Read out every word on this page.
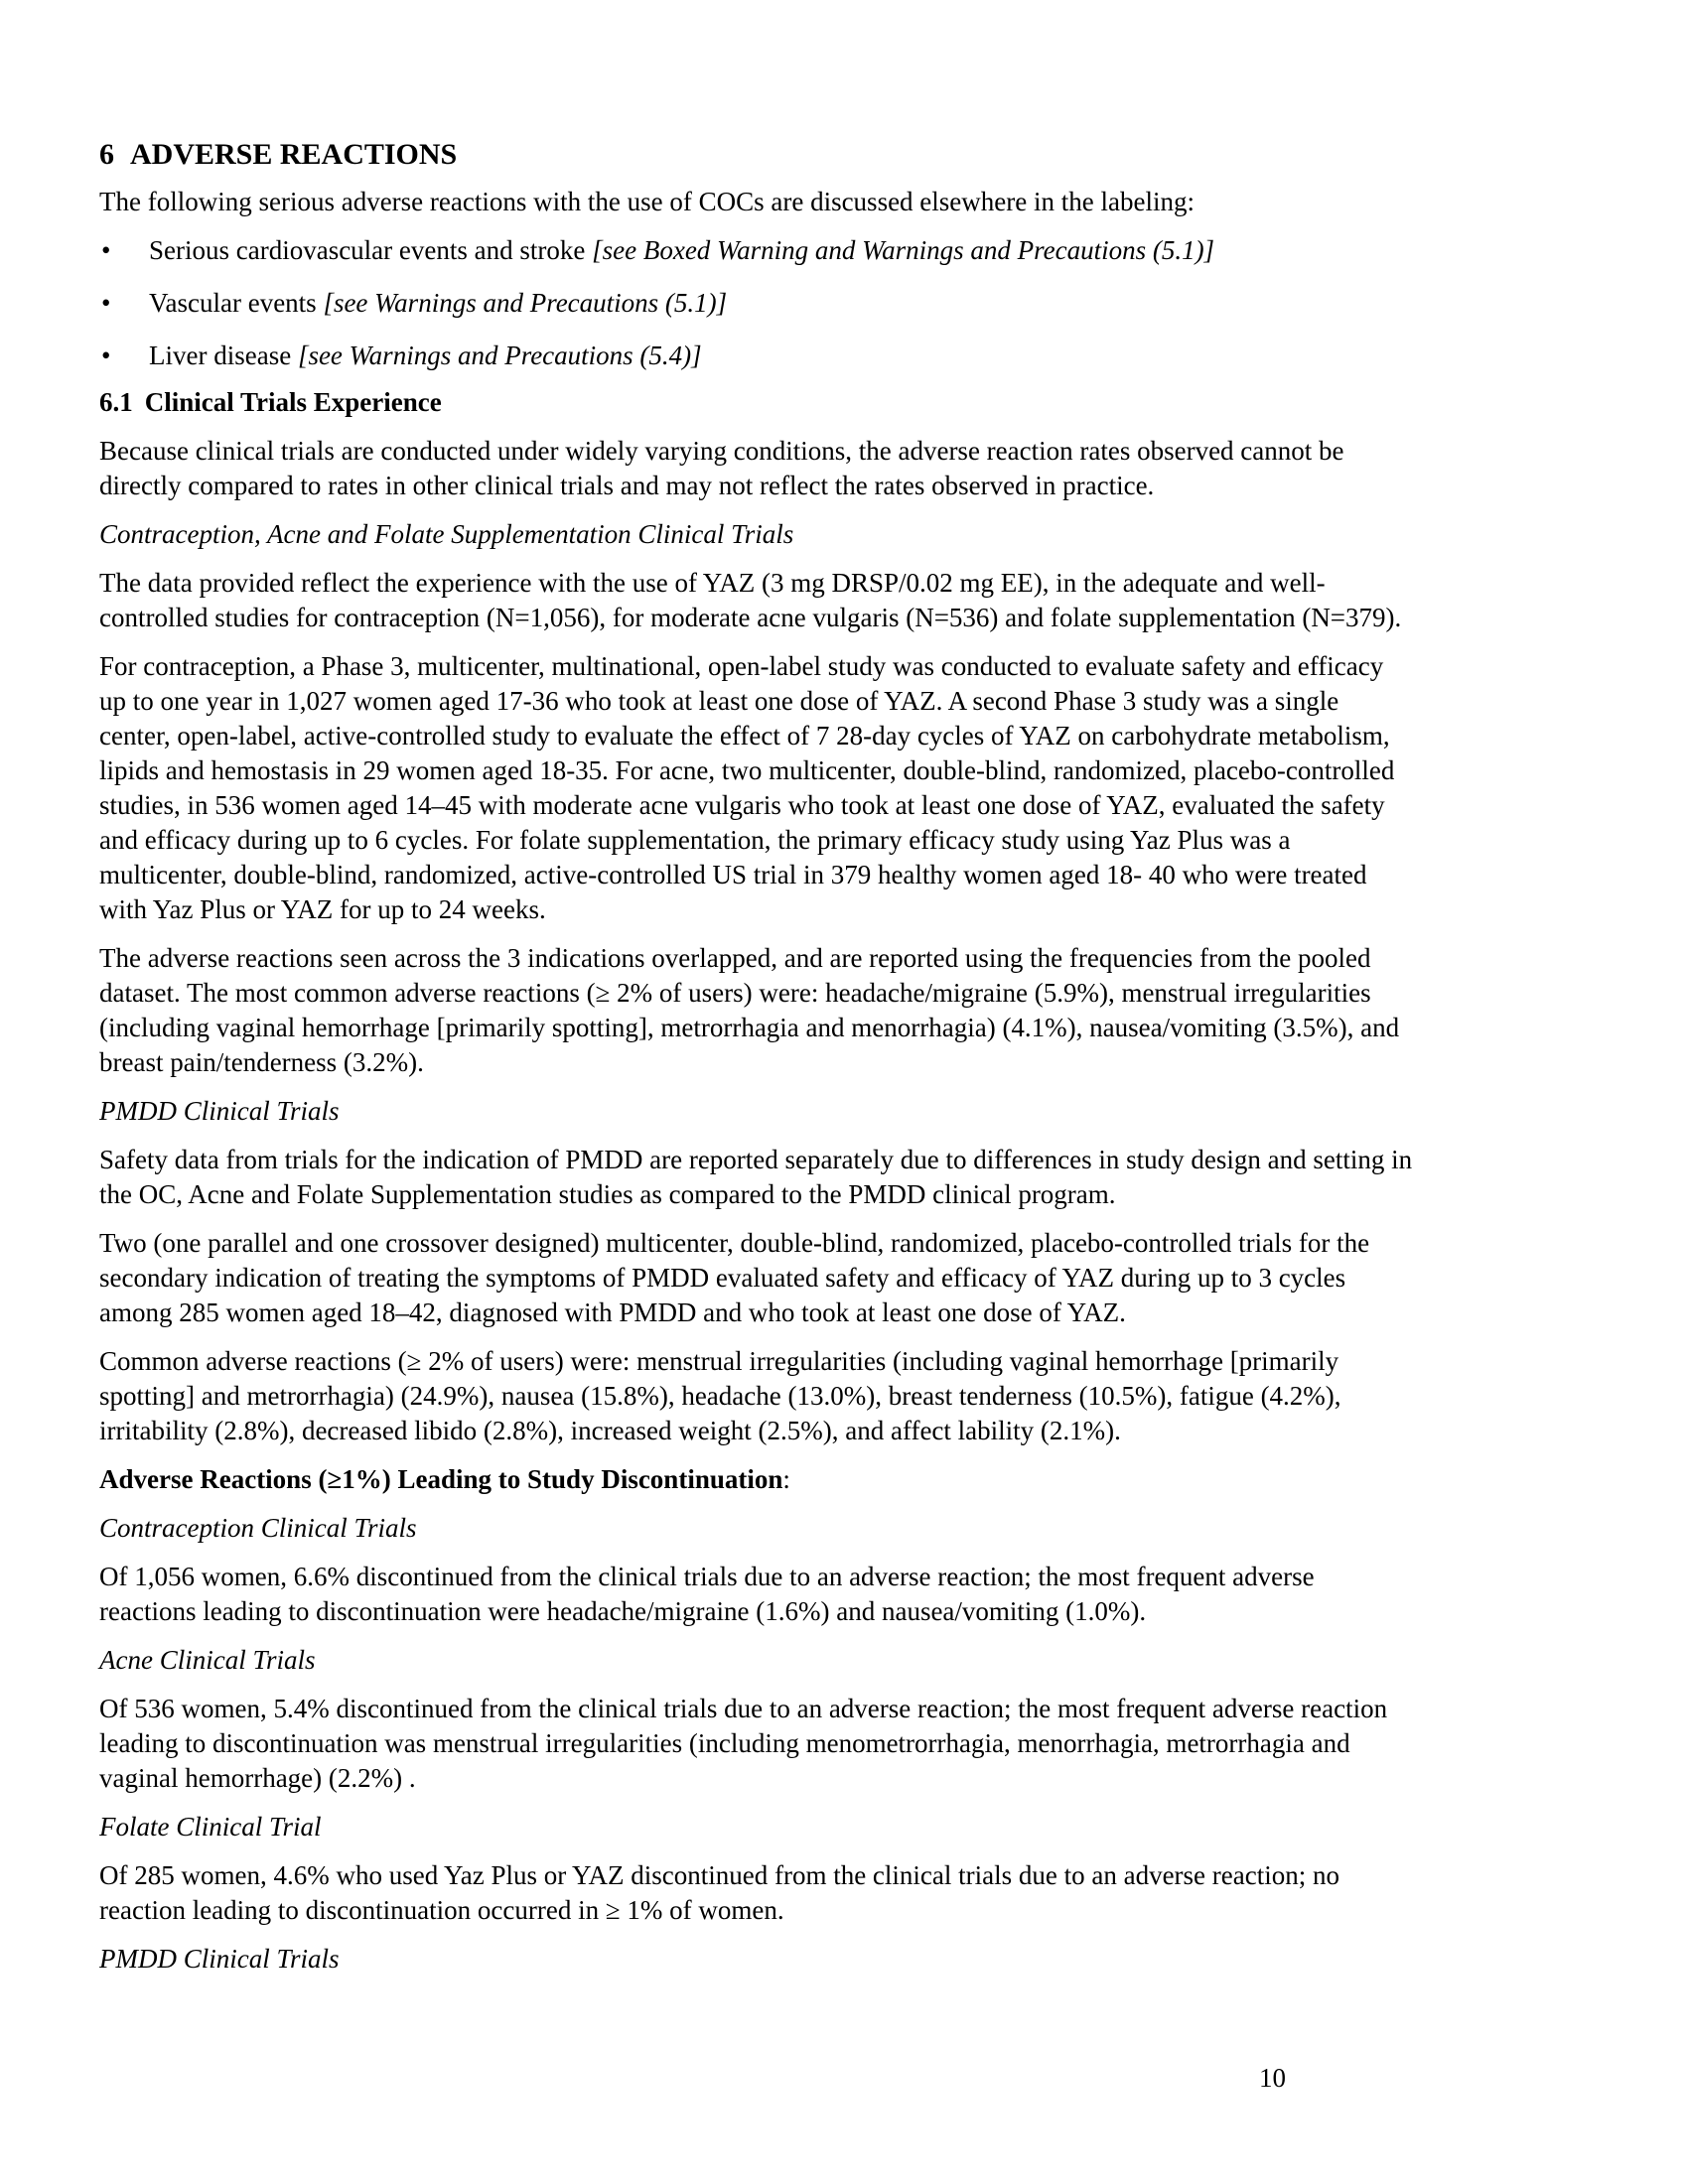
6 ADVERSE REACTIONS

The following serious adverse reactions with the use of COCs are discussed elsewhere in the labeling:

• Serious cardiovascular events and stroke [see Boxed Warning and Warnings and Precautions (5.1)]
• Vascular events [see Warnings and Precautions (5.1)]
• Liver disease [see Warnings and Precautions (5.4)]
6.1 Clinical Trials Experience

Because clinical trials are conducted under widely varying conditions, the adverse reaction rates observed cannot be
directly compared to rates in other clinical trials and may not reflect the rates observed in practice.

Contraception, Acne and Folate Supplementation Clinical Trials

The data provided reflect the experience with the use of YAZ (3 mg DRSP/0.02 mg EE), in the adequate and well-
controlled studies for contraception (N=1,056), for moderate acne vulgaris (N=536) and folate supplementation (N=379).

For contraception, a Phase 3, multicenter, multinational, open-label study was conducted to evaluate safety and efficacy
up to one year in 1,027 women aged 17-36 who took at least one dose of YAZ. A second Phase 3 study was a single
center, open-label, active-controlled study to evaluate the effect of 7 28-day cycles of YAZ on carbohydrate metabolism,
lipids and hemostasis in 29 women aged 18-35. For acne, two multicenter, double-blind, randomized, placebo-controlled
studies, in 536 women aged 14–45 with moderate acne vulgaris who took at least one dose of YAZ, evaluated the safety
and efficacy during up to 6 cycles. For folate supplementation, the primary efficacy study using Yaz Plus was a
multicenter, double-blind, randomized, active-controlled US trial in 379 healthy women aged 18- 40 who were treated
with Yaz Plus or YAZ for up to 24 weeks.

The adverse reactions seen across the 3 indications overlapped, and are reported using the frequencies from the pooled
dataset. The most common adverse reactions (≥ 2% of users) were: headache/migraine (5.9%), menstrual irregularities
(including vaginal hemorrhage [primarily spotting], metrorrhagia and menorrhagia) (4.1%), nausea/vomiting (3.5%), and
breast pain/tenderness (3.2%).

PMDD Clinical Trials

Safety data from trials for the indication of PMDD are reported separately due to differences in study design and setting in
the OC, Acne and Folate Supplementation studies as compared to the PMDD clinical program.

Two (one parallel and one crossover designed) multicenter, double-blind, randomized, placebo-controlled trials for the
secondary indication of treating the symptoms of PMDD evaluated safety and efficacy of YAZ during up to 3 cycles
among 285 women aged 18–42, diagnosed with PMDD and who took at least one dose of YAZ.

Common adverse reactions (≥ 2% of users) were: menstrual irregularities (including vaginal hemorrhage [primarily
spotting] and metrorrhagia) (24.9%), nausea (15.8%), headache (13.0%), breast tenderness (10.5%), fatigue (4.2%),
irritability (2.8%), decreased libido (2.8%), increased weight (2.5%), and affect lability (2.1%).

Adverse Reactions (≥1%) Leading to Study Discontinuation:

Contraception Clinical Trials

Of 1,056 women, 6.6% discontinued from the clinical trials due to an adverse reaction; the most frequent adverse
reactions leading to discontinuation were headache/migraine (1.6%) and nausea/vomiting (1.0%).

Acne Clinical Trials

Of 536 women, 5.4% discontinued from the clinical trials due to an adverse reaction; the most frequent adverse reaction
leading to discontinuation was menstrual irregularities (including menometrorrhagia, menorrhagia, metrorrhagia and
vaginal hemorrhage) (2.2%) .

Folate Clinical Trial

Of 285 women, 4.6% who used Yaz Plus or YAZ discontinued from the clinical trials due to an adverse reaction; no
reaction leading to discontinuation occurred in ≥ 1% of women.

PMDD Clinical Trials

10
